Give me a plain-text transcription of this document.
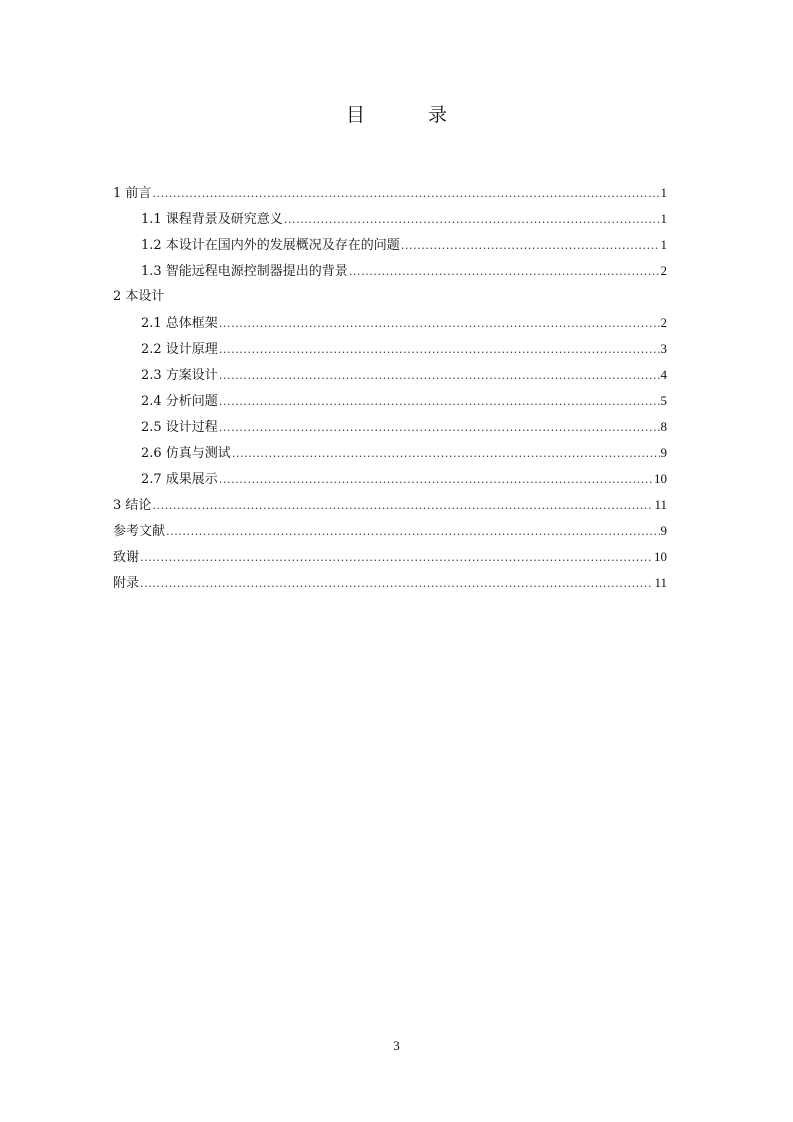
目　录
1 前言 .....	1
1.1 课程背景及研究意义 .....	1
1.2 本设计在国内外的发展概况及存在的问题 .....	1
1.3 智能远程电源控制器提出的背景 .....	2
2 本设计
2.1 总体框架 .....	2
2.2 设计原理 .....	3
2.3 方案设计 .....	4
2.4 分析问题 .....	5
2.5 设计过程 .....	8
2.6 仿真与测试 .....	9
2.7 成果展示 .....	10
3 结论 .....	11
参考文献 .....	9
致谢 .....	10
附录 .....	11
3
